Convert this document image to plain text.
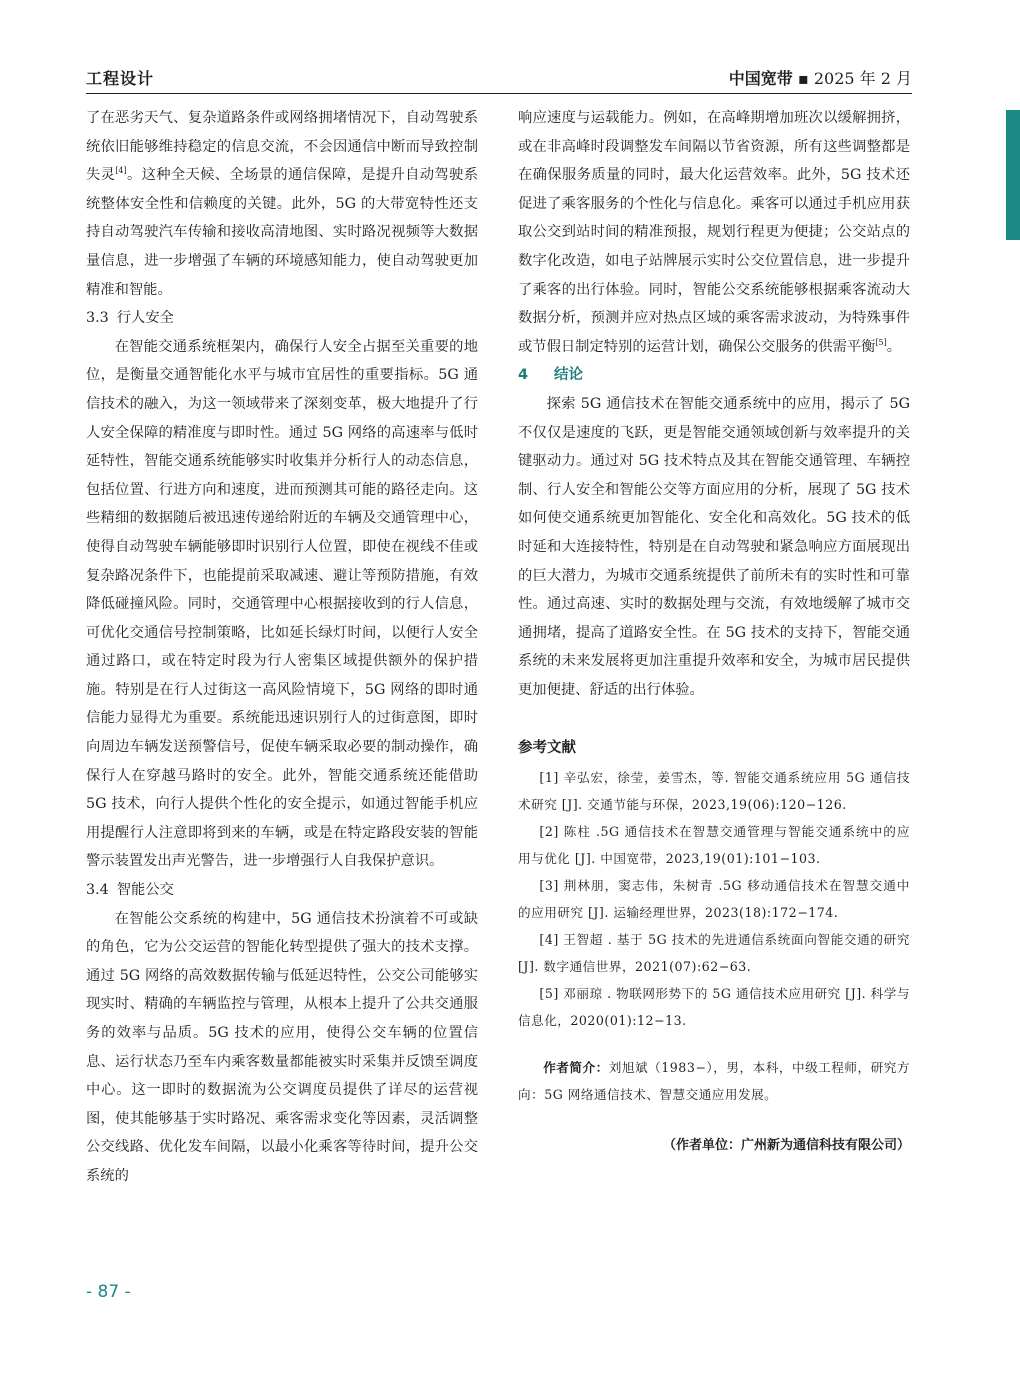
工程设计	中国宽带 ▪ 2025 年 2 月

了在恶劣天气、复杂道路条件或网络拥堵情况下，自动驾驶系统依旧能够维持稳定的信息交流，不会因通信中断而导致控制失灵[4]。这种全天候、全场景的通信保障，是提升自动驾驶系统整体安全性和信赖度的关键。此外，5G 的大带宽特性还支持自动驾驶汽车传输和接收高清地图、实时路况视频等大数据量信息，进一步增强了车辆的环境感知能力，使自动驾驶更加精准和智能。

3.3 行人安全

在智能交通系统框架内，确保行人安全占据至关重要的地位，是衡量交通智能化水平与城市宜居性的重要指标。5G 通信技术的融入，为这一领域带来了深刻变革，极大地提升了行人安全保障的精准度与即时性。通过 5G 网络的高速率与低时延特性，智能交通系统能够实时收集并分析行人的动态信息，包括位置、行进方向和速度，进而预测其可能的路径走向。这些精细的数据随后被迅速传递给附近的车辆及交通管理中心，使得自动驾驶车辆能够即时识别行人位置，即使在视线不佳或复杂路况条件下，也能提前采取减速、避让等预防措施，有效降低碰撞风险。同时，交通管理中心根据接收到的行人信息，可优化交通信号控制策略，比如延长绿灯时间，以便行人安全通过路口，或在特定时段为行人密集区域提供额外的保护措施。特别是在行人过街这一高风险情境下，5G 网络的即时通信能力显得尤为重要。系统能迅速识别行人的过街意图，即时向周边车辆发送预警信号，促使车辆采取必要的制动操作，确保行人在穿越马路时的安全。此外，智能交通系统还能借助 5G 技术，向行人提供个性化的安全提示，如通过智能手机应用提醒行人注意即将到来的车辆，或是在特定路段安装的智能警示装置发出声光警告，进一步增强行人自我保护意识。

3.4 智能公交

在智能公交系统的构建中，5G 通信技术扮演着不可或缺的角色，它为公交运营的智能化转型提供了强大的技术支撑。通过 5G 网络的高效数据传输与低延迟特性，公交公司能够实现实时、精确的车辆监控与管理，从根本上提升了公共交通服务的效率与品质。5G 技术的应用，使得公交车辆的位置信息、运行状态乃至车内乘客数量都能被实时采集并反馈至调度中心。这一即时的数据流为公交调度员提供了详尽的运营视图，使其能够基于实时路况、乘客需求变化等因素，灵活调整公交线路、优化发车间隔，以最小化乘客等待时间，提升公交系统的

响应速度与运载能力。例如，在高峰期增加班次以缓解拥挤，或在非高峰时段调整发车间隔以节省资源，所有这些调整都是在确保服务质量的同时，最大化运营效率。此外，5G 技术还促进了乘客服务的个性化与信息化。乘客可以通过手机应用获取公交到站时间的精准预报，规划行程更为便捷；公交站点的数字化改造，如电子站牌展示实时公交位置信息，进一步提升了乘客的出行体验。同时，智能公交系统能够根据乘客流动大数据分析，预测并应对热点区域的乘客需求波动，为特殊事件或节假日制定特别的运营计划，确保公交服务的供需平衡[5]。

4 结论

探索 5G 通信技术在智能交通系统中的应用，揭示了 5G 不仅仅是速度的飞跃，更是智能交通领域创新与效率提升的关键驱动力。通过对 5G 技术特点及其在智能交通管理、车辆控制、行人安全和智能公交等方面应用的分析，展现了 5G 技术如何使交通系统更加智能化、安全化和高效化。5G 技术的低时延和大连接特性，特别是在自动驾驶和紧急响应方面展现出的巨大潜力，为城市交通系统提供了前所未有的实时性和可靠性。通过高速、实时的数据处理与交流，有效地缓解了城市交通拥堵，提高了道路安全性。在 5G 技术的支持下，智能交通系统的未来发展将更加注重提升效率和安全，为城市居民提供更加便捷、舒适的出行体验。

参考文献

[1] 辛弘宏，徐莹，姜雪杰，等. 智能交通系统应用 5G 通信技术研究 [J]. 交通节能与环保，2023,19(06):120−126.

[2] 陈柱 .5G 通信技术在智慧交通管理与智能交通系统中的应用与优化 [J]. 中国宽带，2023,19(01):101−103.

[3] 荆林朋，窦志伟，朱树青 .5G 移动通信技术在智慧交通中的应用研究 [J]. 运输经理世界，2023(18):172−174.

[4] 王智超 . 基于 5G 技术的先进通信系统面向智能交通的研究 [J]. 数字通信世界，2021(07):62−63.

[5] 邓丽琼 . 物联网形势下的 5G 通信技术应用研究 [J]. 科学与信息化，2020(01):12−13.

作者简介：刘旭斌（1983−），男，本科，中级工程师，研究方向：5G 网络通信技术、智慧交通应用发展。

（作者单位：广州新为通信科技有限公司）
- 87 -
